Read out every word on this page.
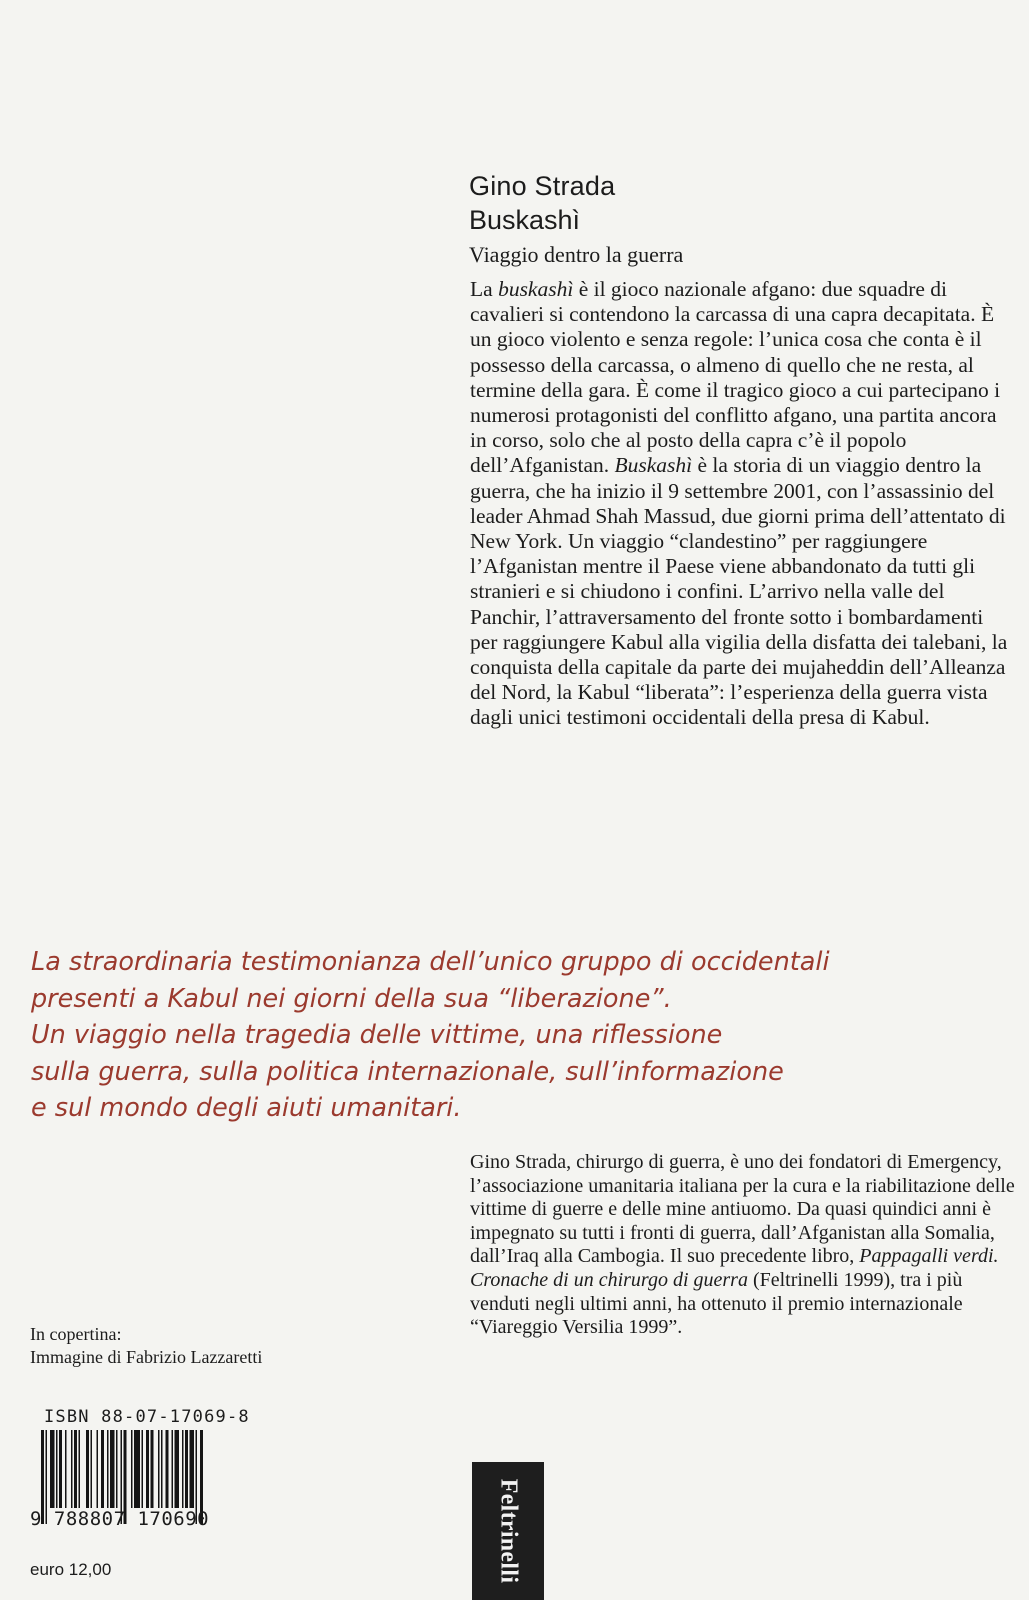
Gino Strada
Buskashì
Viaggio dentro la guerra

La buskashì è il gioco nazionale afgano: due squadre di cavalieri si contendono la carcassa di una capra decapitata. È un gioco violento e senza regole: l’unica cosa che conta è il possesso della carcassa, o almeno di quello che ne resta, al termine della gara. È come il tragico gioco a cui partecipano i numerosi protagonisti del conflitto afgano, una partita ancora in corso, solo che al posto della capra c’è il popolo dell’Afganistan. Buskashì è la storia di un viaggio dentro la guerra, che ha inizio il 9 settembre 2001, con l’assassinio del leader Ahmad Shah Massud, due giorni prima dell’attentato di New York. Un viaggio “clandestino” per raggiungere l’Afganistan mentre il Paese viene abbandonato da tutti gli stranieri e si chiudono i confini. L’arrivo nella valle del Panchir, l’attraversamento del fronte sotto i bombardamenti per raggiungere Kabul alla vigilia della disfatta dei talebani, la conquista della capitale da parte dei mujaheddin dell’Alleanza del Nord, la Kabul “liberata”: l’esperienza della guerra vista dagli unici testimoni occidentali della presa di Kabul.

La straordinaria testimonianza dell’unico gruppo di occidentali
presenti a Kabul nei giorni della sua “liberazione”.
Un viaggio nella tragedia delle vittime, una riflessione
sulla guerra, sulla politica internazionale, sull’informazione
e sul mondo degli aiuti umanitari.
Gino Strada, chirurgo di guerra, è uno dei fondatori di Emergency, l’associazione umanitaria italiana per la cura e la riabilitazione delle vittime di guerre e delle mine antiuomo. Da quasi quindici anni è impegnato su tutti i fronti di guerra, dall’Afganistan alla Somalia, dall’Iraq alla Cambogia. Il suo precedente libro, Pappagalli verdi. Cronache di un chirurgo di guerra (Feltrinelli 1999), tra i più venduti negli ultimi anni, ha ottenuto il premio internazionale “Viareggio Versilia 1999”.
In copertina:
Immagine di Fabrizio Lazzaretti
ISBN 88-07-17069-8
9 788807 170690
euro 12,00	Feltrinelli
